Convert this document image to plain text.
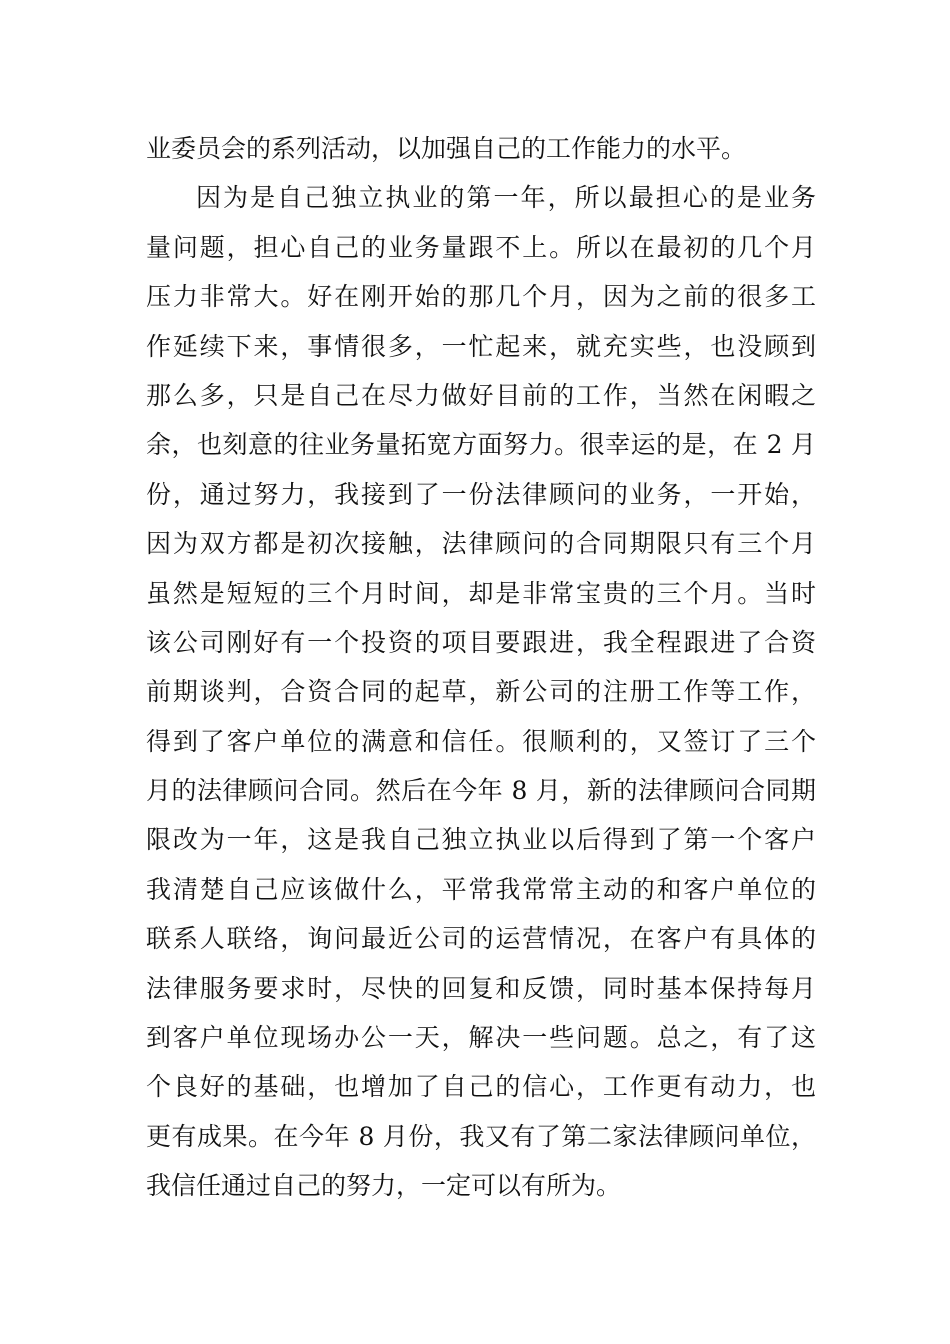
业委员会的系列活动，以加强自己的工作能力的水平。
因为是自己独立执业的第一年，所以最担心的是业务
量问题，担心自己的业务量跟不上。所以在最初的几个月
压力非常大。好在刚开始的那几个月，因为之前的很多工
作延续下来，事情很多，一忙起来，就充实些，也没顾到
那么多，只是自己在尽力做好目前的工作，当然在闲暇之
余，也刻意的往业务量拓宽方面努力。很幸运的是，在 2 月
份，通过努力，我接到了一份法律顾问的业务，一开始，
因为双方都是初次接触，法律顾问的合同期限只有三个月
虽然是短短的三个月时间，却是非常宝贵的三个月。当时
该公司刚好有一个投资的项目要跟进，我全程跟进了合资
前期谈判，合资合同的起草，新公司的注册工作等工作，
得到了客户单位的满意和信任。很顺利的，又签订了三个
月的法律顾问合同。然后在今年 8 月，新的法律顾问合同期
限改为一年，这是我自己独立执业以后得到了第一个客户
我清楚自己应该做什么，平常我常常主动的和客户单位的
联系人联络，询问最近公司的运营情况，在客户有具体的
法律服务要求时，尽快的回复和反馈，同时基本保持每月
到客户单位现场办公一天，解决一些问题。总之，有了这
个良好的基础，也增加了自己的信心，工作更有动力，也
更有成果。在今年 8 月份，我又有了第二家法律顾问单位，
我信任通过自己的努力，一定可以有所为。
